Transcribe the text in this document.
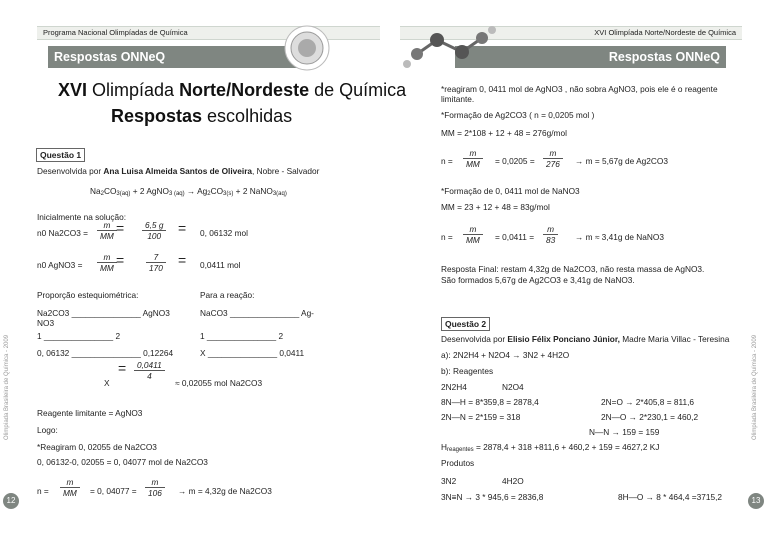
Programa Nacional Olimpíadas de Química	XVI Olimpíada Norte/Nordeste de Química
Respostas ONNeQ	Respostas ONNeQ
XVI Olimpíada Norte/Nordeste de Química
Respostas escolhidas
Questão 1
Desenvolvida por Ana Luisa Almeida Santos de Oliveira, Nobre - Salvador
Na2CO3(aq) + 2 AgNO3 (aq) → Ag2CO3(s) + 2 NaNO3(aq)
Inicialmente na solução:
n0 $Na2CO3 = \frac{m}{MM} = \frac{6,5 g}{100} = 0$, 06132 mol
n0 AgNO3 = $\frac{m}{MM}$ =	$\frac{7}{170} = 0,0411$ mol
Proporção estequiométrica:	Para a reação:
Na2CO3 _______________ AgNO3
NO3
NaCO3 _______________ Ag-
1 _______________ 2	1 _______________ 2
0, 06132 _______________ 0,12264	X _______________ 0,0411
X
= $\frac{0,0411}{4}$
≈ 0,02055 mol Na2CO3
Reagente limitante = AgNO3
Logo:
*Reagiram 0, 02055 de Na2CO3
0, 06132-0, 02055 = 0, 04077 mol de Na2CO3
$n = \frac{m}{MM} = 0$, $04077 = \frac{m}{106} \to m = 4,32g$ de Na2CO3
*reagiram 0, 0411 mol de AgNO3 , não sobra AgNO3, pois ele é o reagente
limitante.
*Formação de Ag2CO3 ( n = 0,0205 mol )
MM = 2*108 + 12 + 48 = 276g/mol
$n = \frac{m}{MM} = 0,0205 = \frac{m}{276} \to m = 5,67g$ de Ag2CO3
*Formação de 0, 0411 mol de NaNO3
MM = 23 + 12 + 48 = 83g/mol
$n = \frac{m}{MM} = 0,0411 = \frac{m}{83} \to m \approx 3,41g$ de NaNO3
Resposta Final: restam 4,32g de Na2CO3, não resta massa de AgNO3.
São formados 5,67g de Ag2CO3 e 3,41g de NaNO3.
Questão 2
Desenvolvida por Elisio Félix Ponciano Júnior, Madre Maria Villac - Teresina
a): 2N2H4 + N2O4 → 3N2 + 4H2O
b): Reagentes
2N2H4	N2O4
8N—H = 8*359,8 = 2878,4	2N=O → 2*405,8 = 811,6
2N—N = 2*159 = 318	2N—O → 2*230,1 = 460,2
N—N → 159 = 159
Hreagentes = 2878,4 + 318 +811,6 + 460,2 + 159 = 4627,2 KJ
Produtos
3N2	4H2O
3N≡N → 3 * 945,6 = 2836,8	8H—O → 8 * 464,4 =3715,2
Olimpíada Brasileira de Química - 2009	Olimpíada Brasileira de Química - 2009
12	13
